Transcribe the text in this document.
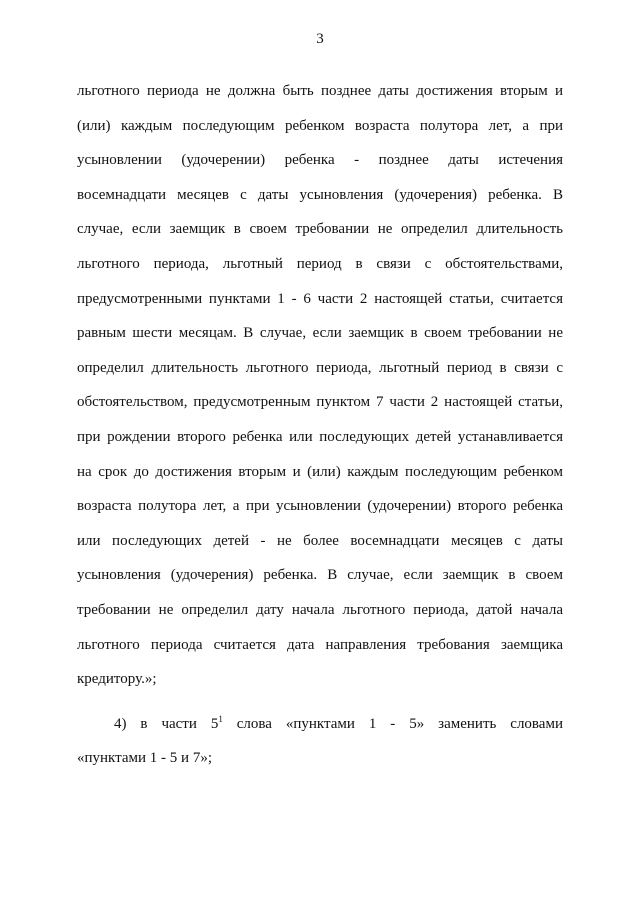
3
льготного периода не должна быть позднее даты достижения вторым и
(или) каждым последующим ребенком возраста полутора лет, а при
усыновлении (удочерении) ребенка - позднее даты истечения
восемнадцати месяцев с даты усыновления (удочерения) ребенка. В
случае, если заемщик в своем требовании не определил длительность
льготного периода, льготный период в связи с обстоятельствами,
предусмотренными пунктами 1 - 6 части 2 настоящей статьи, считается
равным шести месяцам. В случае, если заемщик в своем требовании не
определил длительность льготного периода, льготный период в связи с
обстоятельством, предусмотренным пунктом 7 части 2 настоящей статьи,
при рождении второго ребенка или последующих детей устанавливается
на срок до достижения вторым и (или) каждым последующим ребенком
возраста полутора лет, а при усыновлении (удочерении) второго ребенка
или последующих детей - не более восемнадцати месяцев с даты
усыновления (удочерения) ребенка. В случае, если заемщик в своем
требовании не определил дату начала льготного периода, датой начала
льготного периода считается дата направления требования заемщика
кредитору.»;
4) в части $5^1$ слова «пунктами 1 - 5» заменить словами
«пунктами 1 - 5 и 7»;
